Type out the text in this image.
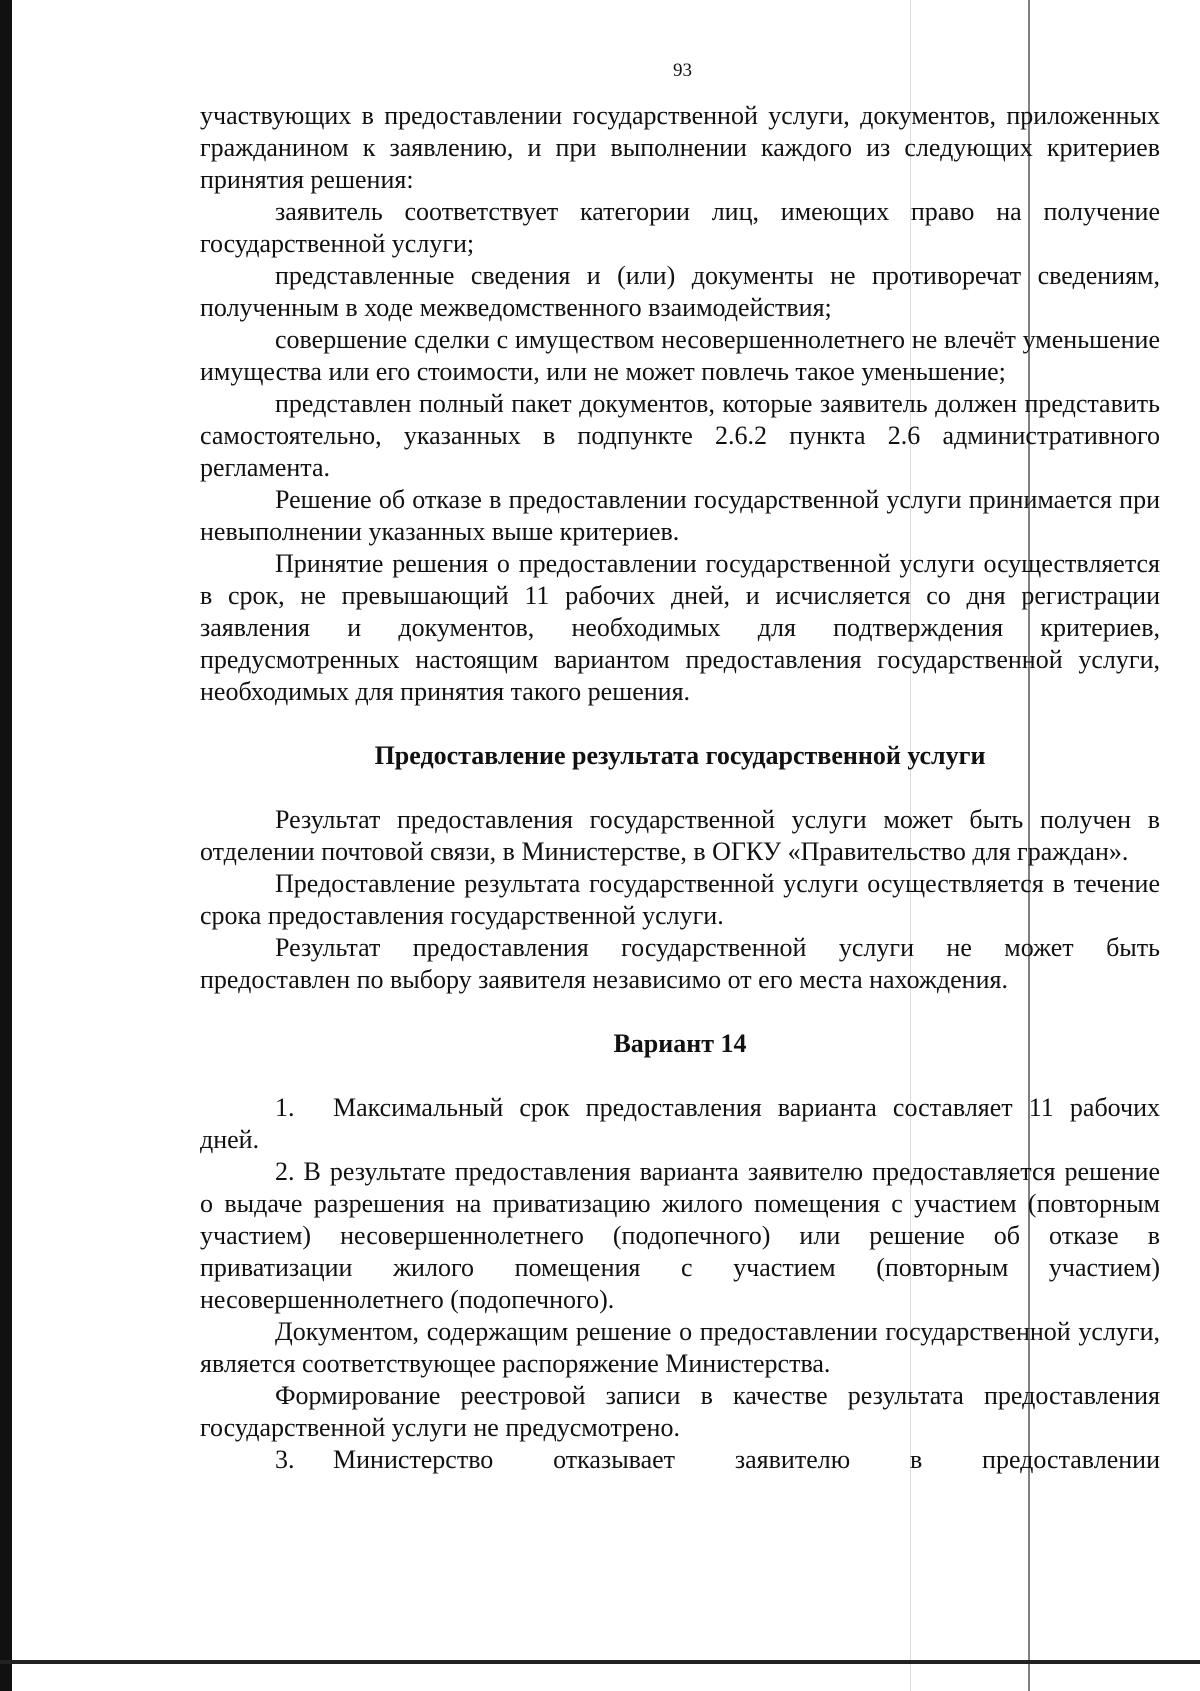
93

участвующих в предоставлении государственной услуги, документов, приложенных гражданином к заявлению, и при выполнении каждого из следующих критериев принятия решения:

заявитель соответствует категории лиц, имеющих право на получение государственной услуги;

представленные сведения и (или) документы не противоречат сведениям, полученным в ходе межведомственного взаимодействия;

совершение сделки с имуществом несовершеннолетнего не влечёт уменьшение имущества или его стоимости, или не может повлечь такое уменьшение;

представлен полный пакет документов, которые заявитель должен представить самостоятельно, указанных в подпункте 2.6.2 пункта 2.6 административного регламента.

Решение об отказе в предоставлении государственной услуги принимается при невыполнении указанных выше критериев.

Принятие решения о предоставлении государственной услуги осуществляется в срок, не превышающий 11 рабочих дней, и исчисляется со дня регистрации заявления и документов, необходимых для подтверждения критериев, предусмотренных настоящим вариантом предоставления государственной услуги, необходимых для принятия такого решения.

Предоставление результата государственной услуги

Результат предоставления государственной услуги может быть получен в отделении почтовой связи, в Министерстве, в ОГКУ «Правительство для граждан».

Предоставление результата государственной услуги осуществляется в течение срока предоставления государственной услуги.

Результат предоставления государственной услуги не может быть предоставлен по выбору заявителя независимо от его места нахождения.

Вариант 14

1. Максимальный срок предоставления варианта составляет 11 рабочих дней.

2. В результате предоставления варианта заявителю предоставляется решение о выдаче разрешения на приватизацию жилого помещения с участием (повторным участием) несовершеннолетнего (подопечного) или решение об отказе в приватизации жилого помещения с участием (повторным участием) несовершеннолетнего (подопечного).

Документом, содержащим решение о предоставлении государственной услуги, является соответствующее распоряжение Министерства.

Формирование реестровой записи в качестве результата предоставления государственной услуги не предусмотрено.

3. Министерство отказывает заявителю в предоставлении
